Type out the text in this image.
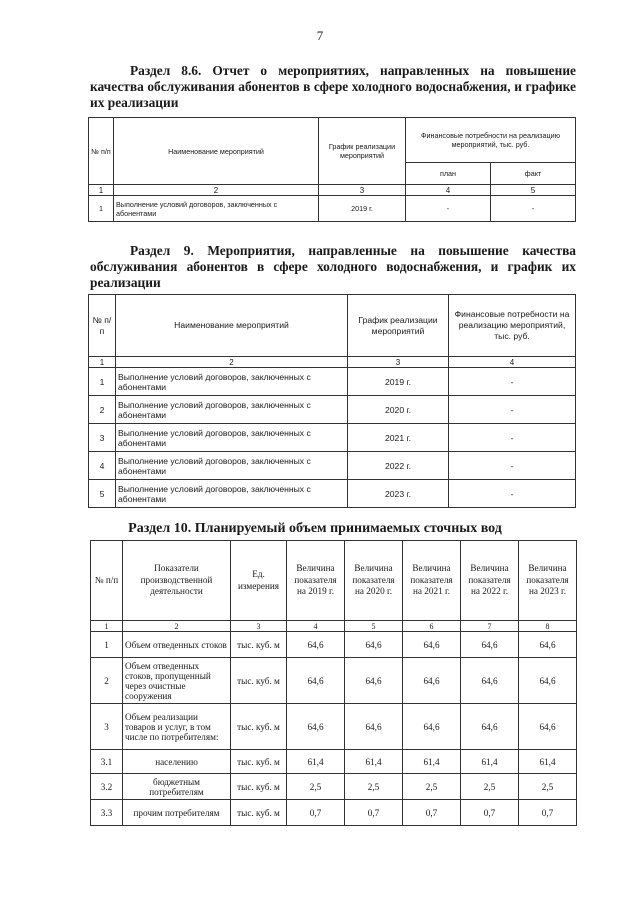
7
Раздел 8.6. Отчет о мероприятиях, направленных на повышение качества обслуживания абонентов в сфере холодного водоснабжения, и графике их реализации
№ п/п	Наименование мероприятий	График реализации мероприятий	Финансовые потребности на реализацию мероприятий, тыс. руб.	
			план	факт
1	2	3	4	5
1	Выполнение условий договоров, заключенных с абонентами	2019 г.	-	-
Раздел 9. Мероприятия, направленные на повышение качества обслуживания абонентов в сфере холодного водоснабжения, и график их реализации
№ п/п	Наименование мероприятий	График реализации мероприятий	Финансовые потребности на реализацию мероприятий, тыс. руб.
1	2	3	4
1	Выполнение условий договоров, заключенных с абонентами	2019 г.	-
2	Выполнение условий договоров, заключенных с абонентами	2020 г.	-
3	Выполнение условий договоров, заключенных с абонентами	2021 г.	-
4	Выполнение условий договоров, заключенных с абонентами	2022 г.	-
5	Выполнение условий договоров, заключенных с абонентами	2023 г.	-
Раздел 10. Планируемый объем принимаемых сточных вод
№ п/п	Показатели производственной деятельности	Ед. измерения	Величина показателя на 2019 г.	Величина показателя на 2020 г.	Величина показателя на 2021 г.	Величина показателя на 2022 г.	Величина показателя на 2023 г.
1	2	3	4	5	6	7	8
1	Объем отведенных стоков	тыс. куб. м	64,6	64,6	64,6	64,6	64,6
2	Объем отведенных стоков, пропущенный через очистные сооружения	тыс. куб. м	64,6	64,6	64,6	64,6	64,6
3	Объем реализации товаров и услуг, в том числе по потребителям:	тыс. куб. м	64,6	64,6	64,6	64,6	64,6
3.1	населению	тыс. куб. м	61,4	61,4	61,4	61,4	61,4
3.2	бюджетным потребителям	тыс. куб. м	2,5	2,5	2,5	2,5	2,5
3.3	прочим потребителям	тыс. куб. м	0,7	0,7	0,7	0,7	0,7
